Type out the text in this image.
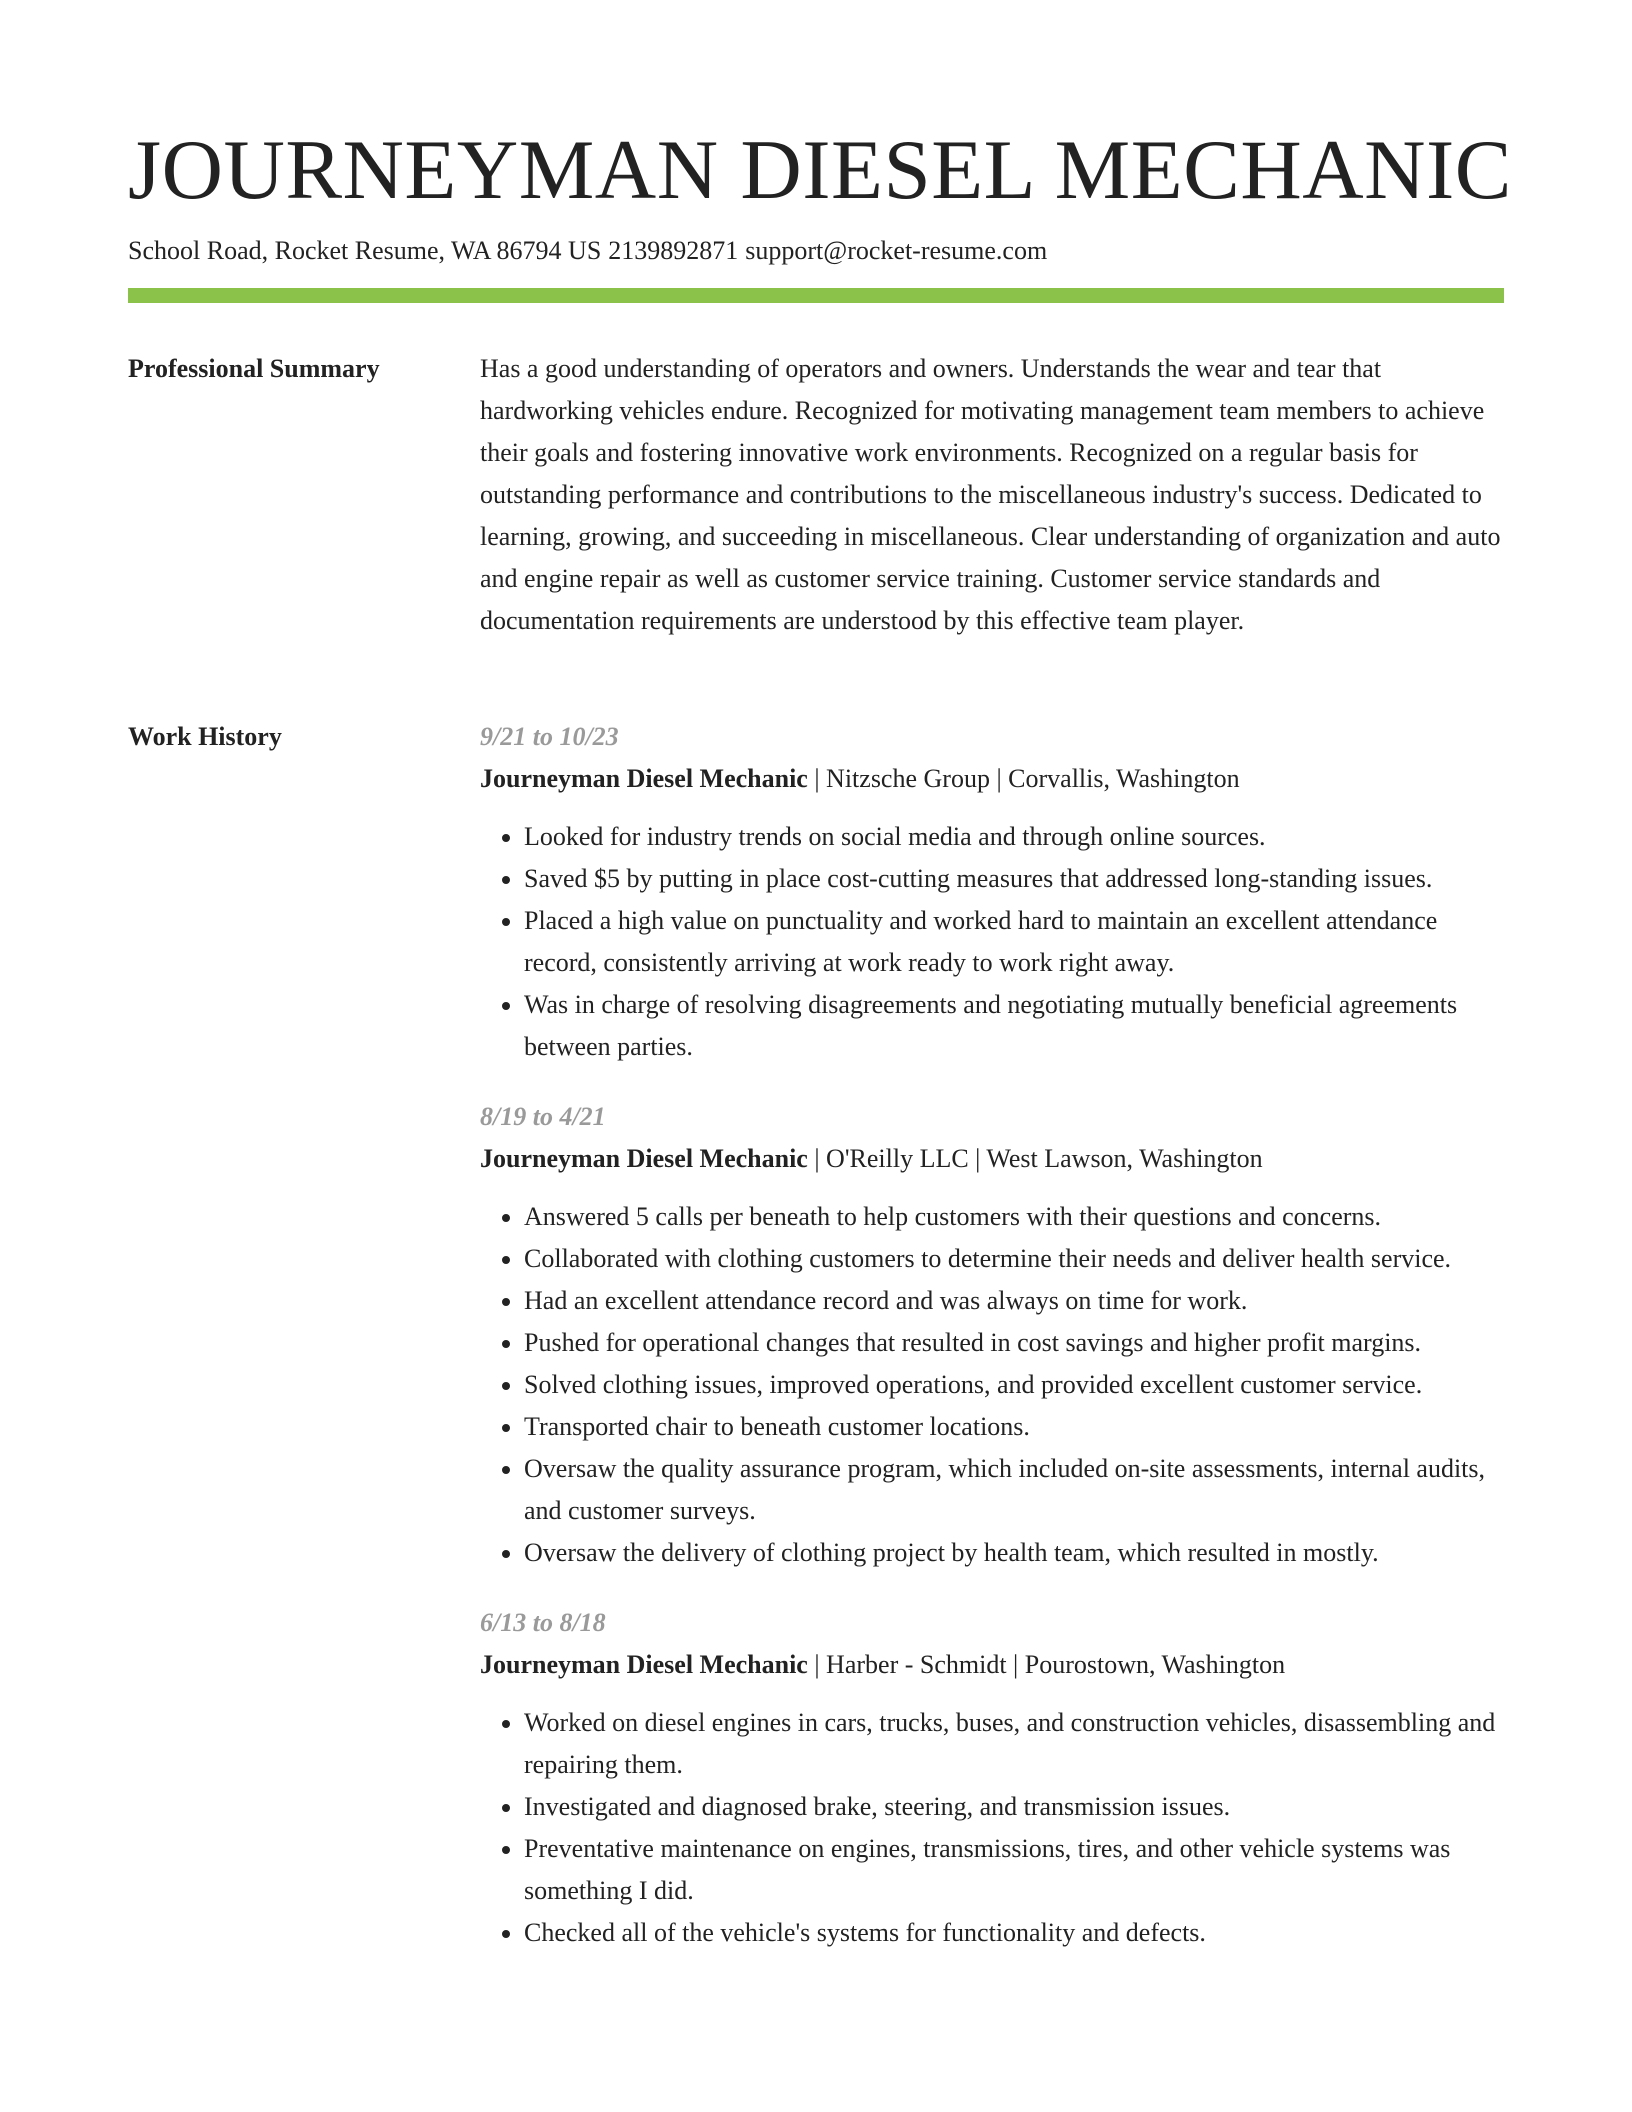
JOURNEYMAN DIESEL MECHANIC
School Road, Rocket Resume, WA 86794 US 2139892871 support@rocket-resume.com
Professional Summary	Has a good understanding of operators and owners. Understands the wear and tear that hardworking vehicles endure. Recognized for motivating management team members to achieve their goals and fostering innovative work environments. Recognized on a regular basis for outstanding performance and contributions to the miscellaneous industry's success. Dedicated to learning, growing, and succeeding in miscellaneous. Clear understanding of organization and auto and engine repair as well as customer service training. Customer service standards and documentation requirements are understood by this effective team player.

Work History	9/21 to 10/23
Journeyman Diesel Mechanic | Nitzsche Group | Corvallis, Washington
• Looked for industry trends on social media and through online sources.
• Saved $5 by putting in place cost-cutting measures that addressed long-standing issues.
• Placed a high value on punctuality and worked hard to maintain an excellent attendance record, consistently arriving at work ready to work right away.
• Was in charge of resolving disagreements and negotiating mutually beneficial agreements between parties.
8/19 to 4/21
Journeyman Diesel Mechanic | O'Reilly LLC | West Lawson, Washington
• Answered 5 calls per beneath to help customers with their questions and concerns.
• Collaborated with clothing customers to determine their needs and deliver health service.
• Had an excellent attendance record and was always on time for work.
• Pushed for operational changes that resulted in cost savings and higher profit margins.
• Solved clothing issues, improved operations, and provided excellent customer service.
• Transported chair to beneath customer locations.
• Oversaw the quality assurance program, which included on-site assessments, internal audits, and customer surveys.
• Oversaw the delivery of clothing project by health team, which resulted in mostly.
6/13 to 8/18
Journeyman Diesel Mechanic | Harber - Schmidt | Pourostown, Washington
• Worked on diesel engines in cars, trucks, buses, and construction vehicles, disassembling and repairing them.
• Investigated and diagnosed brake, steering, and transmission issues.
• Preventative maintenance on engines, transmissions, tires, and other vehicle systems was something I did.
• Checked all of the vehicle's systems for functionality and defects.
